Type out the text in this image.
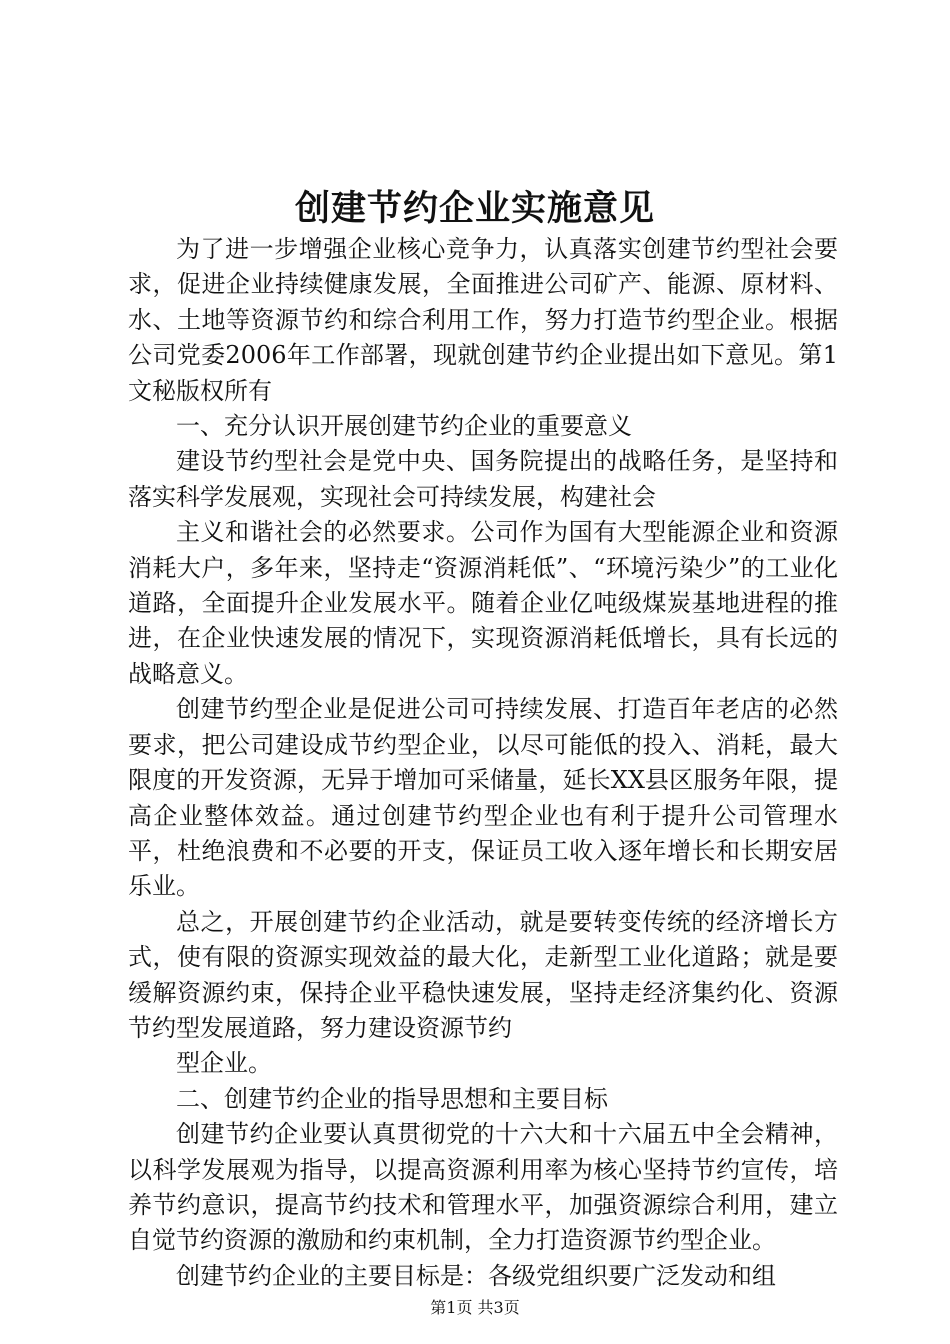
创建节约企业实施意见

为了进一步增强企业核心竞争力，认真落实创建节约型社会要求，促进企业持续健康发展，全面推进公司矿产、能源、原材料、水、土地等资源节约和综合利用工作，努力打造节约型企业。根据公司党委2006年工作部署，现就创建节约企业提出如下意见。第1文秘版权所有

一、充分认识开展创建节约企业的重要意义

建设节约型社会是党中央、国务院提出的战略任务，是坚持和落实科学发展观，实现社会可持续发展，构建社会

主义和谐社会的必然要求。公司作为国有大型能源企业和资源消耗大户，多年来，坚持走“资源消耗低”、“环境污染少”的工业化道路，全面提升企业发展水平。随着企业亿吨级煤炭基地进程的推进，在企业快速发展的情况下，实现资源消耗低增长，具有长远的战略意义。

创建节约型企业是促进公司可持续发展、打造百年老店的必然要求，把公司建设成节约型企业，以尽可能低的投入、消耗，最大限度的开发资源，无异于增加可采储量，延长XX县区服务年限，提高企业整体效益。通过创建节约型企业也有利于提升公司管理水平，杜绝浪费和不必要的开支，保证员工收入逐年增长和长期安居乐业。

总之，开展创建节约企业活动，就是要转变传统的经济增长方式，使有限的资源实现效益的最大化，走新型工业化道路；就是要缓解资源约束，保持企业平稳快速发展，坚持走经济集约化、资源节约型发展道路，努力建设资源节约

型企业。

二、创建节约企业的指导思想和主要目标

创建节约企业要认真贯彻党的十六大和十六届五中全会精神，以科学发展观为指导，以提高资源利用率为核心坚持节约宣传，培养节约意识，提高节约技术和管理水平，加强资源综合利用，建立自觉节约资源的激励和约束机制，全力打造资源节约型企业。

创建节约企业的主要目标是：各级党组织要广泛发动和组

第1页 共3页
